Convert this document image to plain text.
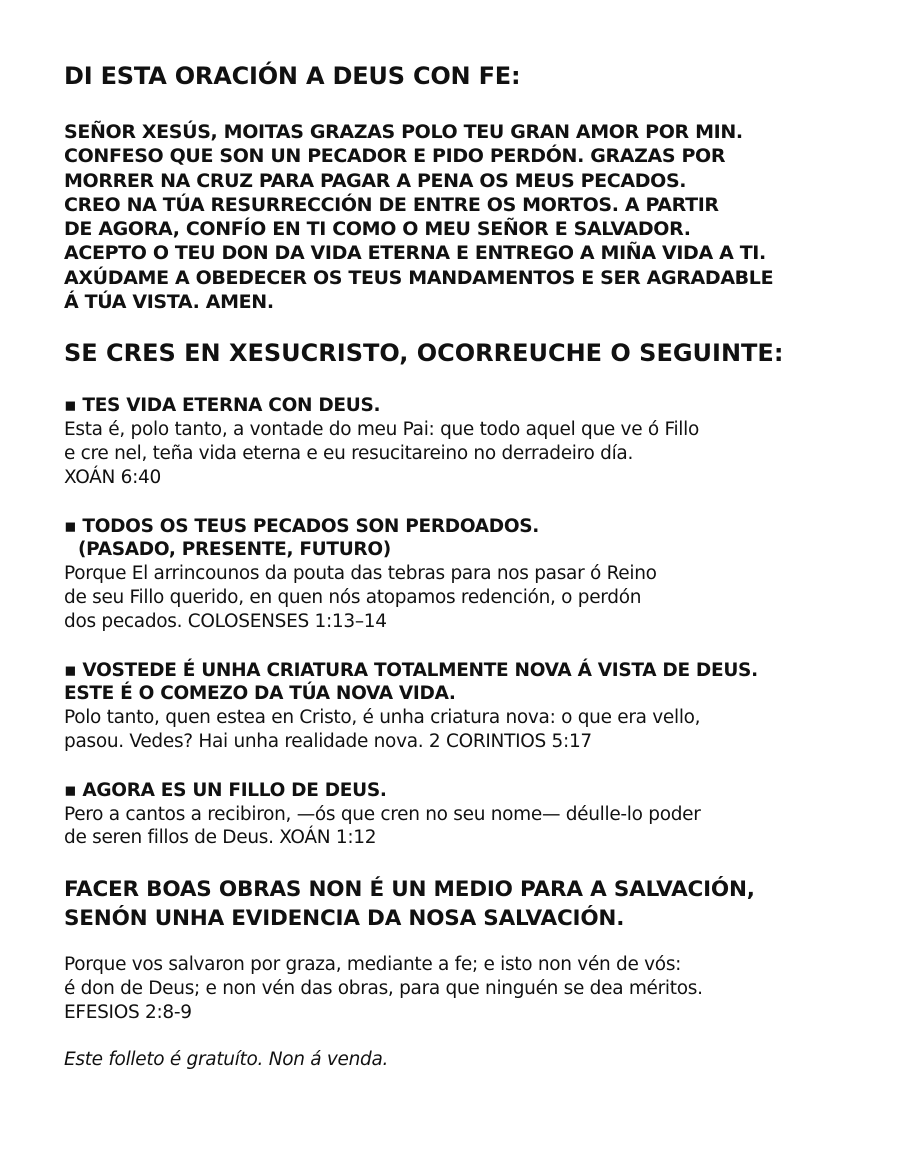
DI ESTA ORACIÓN A DEUS CON FE:
SEÑOR XESÚS, MOITAS GRAZAS POLO TEU GRAN AMOR POR MIN.
CONFESO QUE SON UN PECADOR E PIDO PERDÓN. GRAZAS POR
MORRER NA CRUZ PARA PAGAR A PENA OS MEUS PECADOS.
CREO NA TÚA RESURRECCIÓN DE ENTRE OS MORTOS. A PARTIR
DE AGORA, CONFÍO EN TI COMO O MEU SEÑOR E SALVADOR.
ACEPTO O TEU DON DA VIDA ETERNA E ENTREGO A MIÑA VIDA A TI.
AXÚDAME A OBEDECER OS TEUS MANDAMENTOS E SER AGRADABLE
Á TÚA VISTA. AMEN.
SE CRES EN XESUCRISTO, OCORREUCHE O SEGUINTE:
▪ TES VIDA ETERNA CON DEUS.
Esta é, polo tanto, a vontade do meu Pai: que todo aquel que ve ó Fillo
e cre nel, teña vida eterna e eu resucitareino no derradeiro día.
XOÁN 6:40
▪ TODOS OS TEUS PECADOS SON PERDOADOS.
(PASADO, PRESENTE, FUTURO)
Porque El arrincounos da pouta das tebras para nos pasar ó Reino
de seu Fillo querido, en quen nós atopamos redención, o perdón
dos pecados. COLOSENSES 1:13–14
▪ VOSTEDE É UNHA CRIATURA TOTALMENTE NOVA Á VISTA DE DEUS.
ESTE É O COMEZO DA TÚA NOVA VIDA.
Polo tanto, quen estea en Cristo, é unha criatura nova: o que era vello,
pasou. Vedes? Hai unha realidade nova. 2 CORINTIOS 5:17
▪ AGORA ES UN FILLO DE DEUS.
Pero a cantos a recibiron, —ós que cren no seu nome— déulle-lo poder
de seren fillos de Deus. XOÁN 1:12
FACER BOAS OBRAS NON É UN MEDIO PARA A SALVACIÓN,
SENÓN UNHA EVIDENCIA DA NOSA SALVACIÓN.
Porque vos salvaron por graza, mediante a fe; e isto non vén de vós:
é don de Deus; e non vén das obras, para que ninguén se dea méritos.
EFESIOS 2:8-9
Este folleto é gratuíto. Non á venda.
